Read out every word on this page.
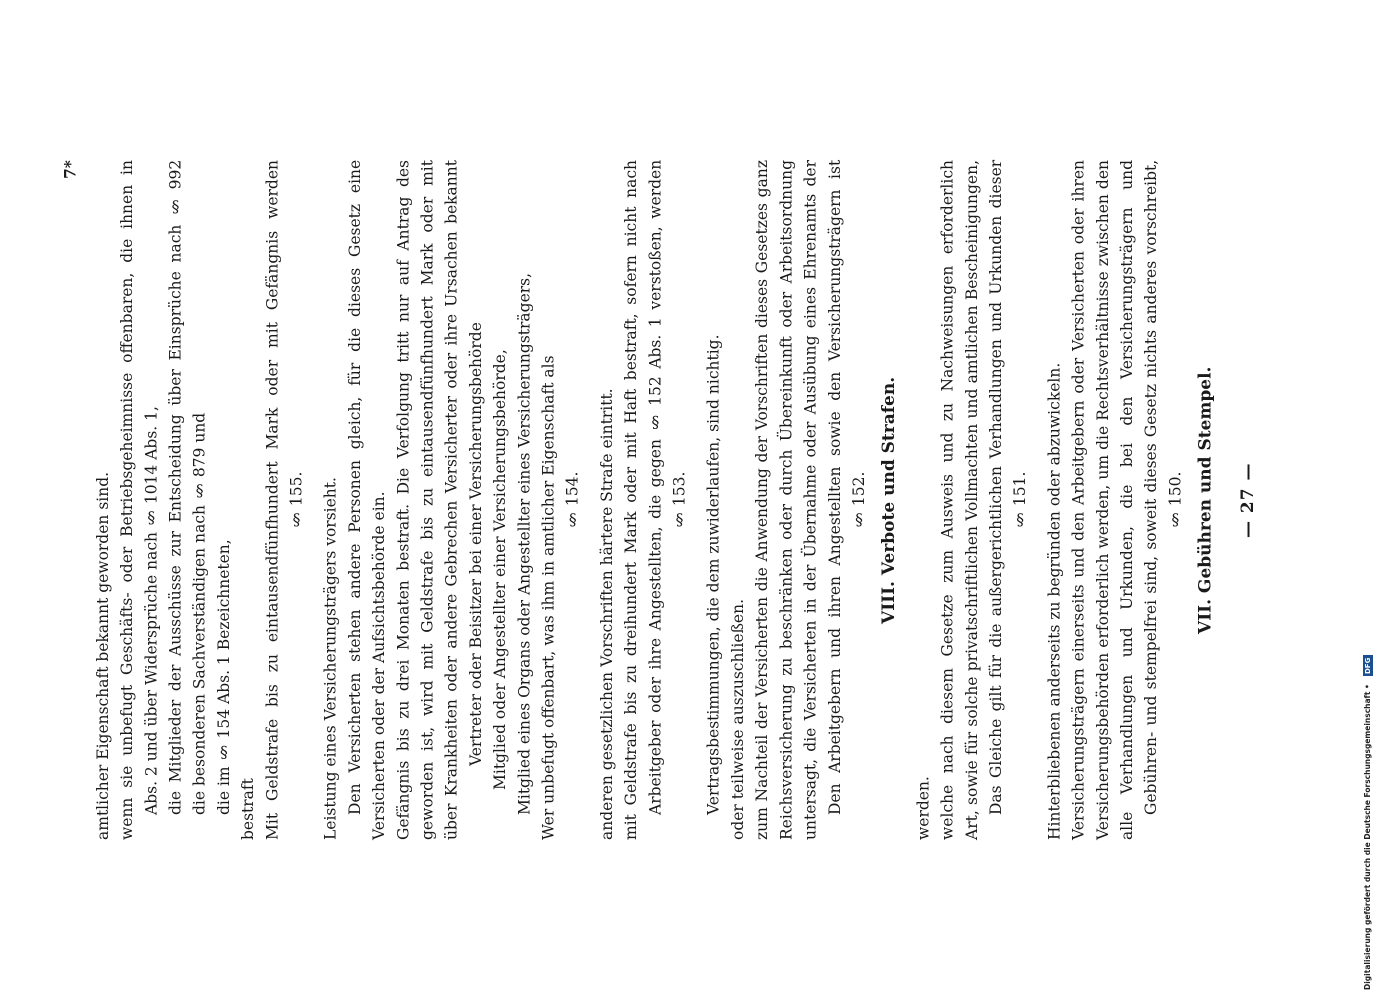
— 27 —

VII. Gebühren und Stempel.

§ 150.

Gebühren- und stempelfrei sind, soweit dieses Gesetz nichts anderes vorschreibt, alle Verhandlungen und Urkunden, die bei den Versicherungsträgern und Versicherungsbehörden erforderlich werden, um die Rechtsverhältnisse zwischen den Versicherungsträgern einerseits und den Arbeitgebern oder Versicherten oder ihren Hinterbliebenen anderseits zu begründen oder abzuwickeln.

§ 151.

Das Gleiche gilt für die außergerichtlichen Verhandlungen und Urkunden dieser Art, sowie für solche privatschriftlichen Vollmachten und amtlichen Bescheinigungen, welche nach diesem Gesetze zum Ausweis und zu Nachweisungen erforderlich werden.

VIII. Verbote und Strafen.

§ 152.

Den Arbeitgebern und ihren Angestellten sowie den Versicherungsträgern ist untersagt, die Versicherten in der Übernahme oder Ausübung eines Ehrenamts der Reichsversicherung zu beschränken oder durch Übereinkunft oder Arbeitsordnung zum Nachteil der Versicherten die Anwendung der Vorschriften dieses Gesetzes ganz oder teilweise auszuschließen.

Vertragsbestimmungen, die dem zuwiderlaufen, sind nichtig.

§ 153.

Arbeitgeber oder ihre Angestellten, die gegen § 152 Abs. 1 verstoßen, werden mit Geldstrafe bis zu dreihundert Mark oder mit Haft bestraft, sofern nicht nach anderen gesetzlichen Vorschriften härtere Strafe eintritt.

§ 154.

Wer unbefugt offenbart, was ihm in amtlicher Eigenschaft als

Mitglied eines Organs oder Angestellter eines Versicherungsträgers,

Mitglied oder Angestellter einer Versicherungsbehörde,

Vertreter oder Beisitzer bei einer Versicherungsbehörde

über Krankheiten oder andere Gebrechen Versicherter oder ihre Ursachen bekannt geworden ist, wird mit Geldstrafe bis zu eintausendfünfhundert Mark oder mit Gefängnis bis zu drei Monaten bestraft. Die Verfolgung tritt nur auf Antrag des Versicherten oder der Aufsichtsbehörde ein.

Den Versicherten stehen andere Personen gleich, für die dieses Gesetz eine Leistung eines Versicherungsträgers vorsieht.

§ 155.

Mit Geldstrafe bis zu eintausendfünfhundert Mark oder mit Gefängnis werden bestraft

die im § 154 Abs. 1 Bezeichneten,

die besonderen Sachverständigen nach § 879 und

die Mitglieder der Ausschüsse zur Entscheidung über Einsprüche nach § 992 Abs. 2 und über Widersprüche nach § 1014 Abs. 1,

wenn sie unbefugt Geschäfts- oder Betriebsgeheimnisse offenbaren, die ihnen in amtlicher Eigenschaft bekannt geworden sind.

7*

Digitalisierung gefördert durch die Deutsche Forschungsgemeinschaft • DFG
